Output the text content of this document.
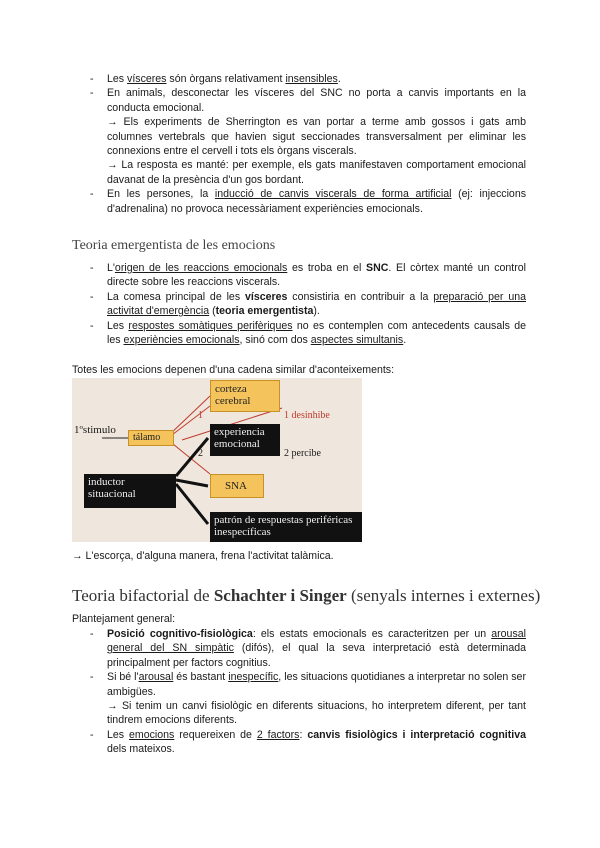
- Les vísceres són òrgans relativament insensibles.
- En animals, desconectar les vísceres del SNC no porta a canvis importants en la conducta emocional.

→ Els experiments de Sherrington es van portar a terme amb gossos i gats amb columnes vertebrals que havien sigut seccionades transversalment per eliminar les connexions entre el cervell i tots els òrgans viscerals.

→ La resposta es manté: per exemple, els gats manifestaven comportament emocional davanat de la presència d'un gos bordant.

- En les persones, la inducció de canvis viscerals de forma artificial (ej: injeccions d'adrenalina) no provoca necessàriament experiències emocionals.
Teoria emergentista de les emocions
- L'origen de les reaccions emocionals es troba en el SNC. El còrtex manté un control directe sobre les reaccions viscerals.
- La comesa principal de les vísceres consistiria en contribuir a la preparació per una activitat d'emergència (teoria emergentista).
- Les respostes somàtiques perifèriques no es contemplen com antecedents causals de les experiències emocionals, sinó com dos aspectes simultanis.
Totes les emocions depenen d'una cadena similar d'aconteixements:
corteza cerebral
1ºstimulo
tálamo	experiencia emocional
inductor situacional
SNA
patrón de respuestas periféricas inespecíficas
1	1 desinhibe
2	2 percibe
→ L'escorça, d'alguna manera, frena l'activitat talàmica.
Teoria bifactorial de Schachter i Singer (senyals internes i externes)
Plantejament general:
- Posició cognitivo-fisiològica: els estats emocionals es caracteritzen per un arousal general del SN simpàtic (difós), el qual la seva interpretació està determinada principalment per factors cognitius.
- Si bé l'arousal és bastant inespecífic, les situacions quotidianes a interpretar no solen ser ambigües.

→ Si tenim un canvi fisiològic en diferents situacions, ho interpretem diferent, per tant tindrem emocions diferents.

- Les emocions requereixen de 2 factors: canvis fisiològics i interpretació cognitiva dels mateixos.
